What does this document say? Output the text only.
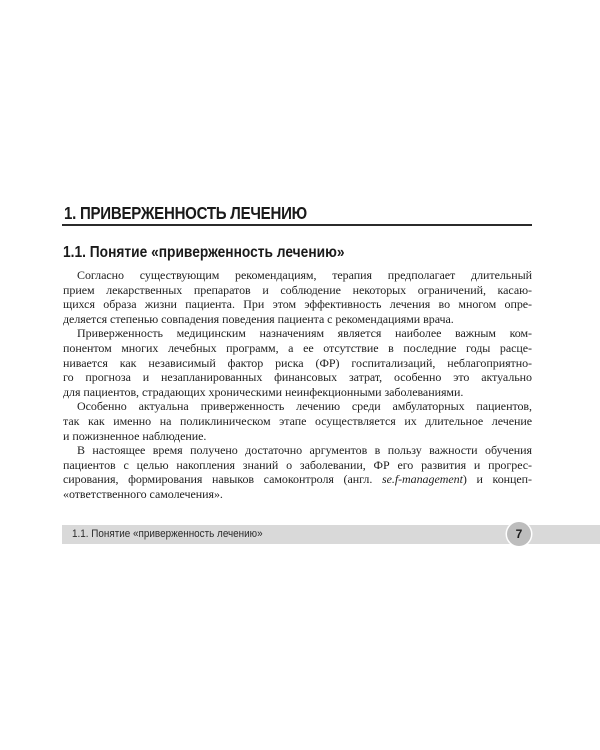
1. ПРИВЕРЖЕННОСТЬ ЛЕЧЕНИЮ
1.1. Понятие «приверженность лечению»

Согласно существующим рекомендациям, терапия предполагает длительный
прием лекарственных препаратов и соблюдение некоторых ограничений, касаю-
щихся образа жизни пациента. При этом эффективность лечения во многом опре-
деляется степенью совпадения поведения пациента с рекомендациями врача.

Приверженность медицинским назначениям является наиболее важным ком-
понентом многих лечебных программ, а ее отсутствие в последние годы расце-
нивается как независимый фактор риска (ФР) госпитализаций, неблагоприятно-
го прогноза и незапланированных финансовых затрат, особенно это актуально
для пациентов, страдающих хроническими неинфекционными заболеваниями.

Особенно актуальна приверженность лечению среди амбулаторных пациентов,
так как именно на поликлиническом этапе осуществляется их длительное лечение
и пожизненное наблюдение.

В настоящее время получено достаточно аргументов в пользу важности обучения
пациентов с целью накопления знаний о заболевании, ФР его развития и прогрес-
сирования, формирования навыков самоконтроля (англ. se.f-management) и концеп-
«ответственного самолечения».

1.1. Понятие «приверженность лечению»	7
